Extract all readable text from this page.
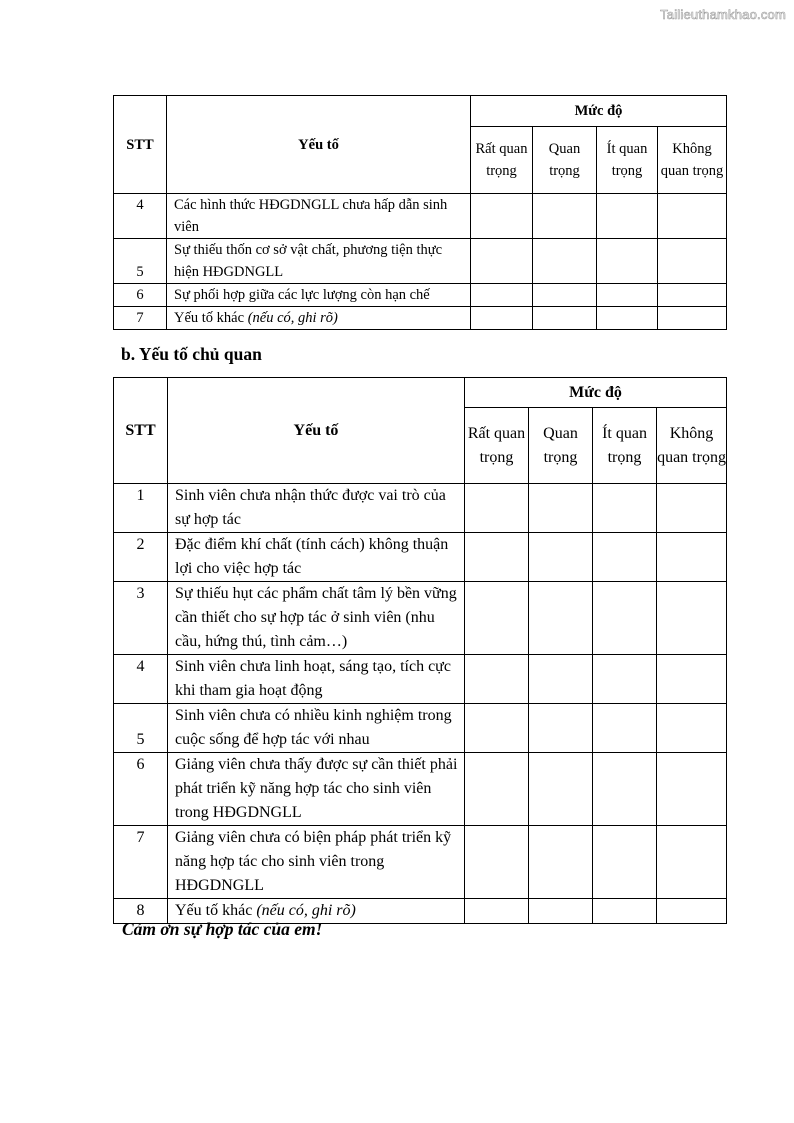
Tailieuthamkhao.com
STT	Yếu tố	Mức độ			
		Rất quan trọng	Quan trọng	Ít quan trọng	Không quan trọng
4	Các hình thức HĐGDNGLL chưa hấp dẫn sinh viên				
5	Sự thiếu thốn cơ sở vật chất, phương tiện thực hiện HĐGDNGLL				
6	Sự phối hợp giữa các lực lượng còn hạn chế				
7	Yếu tố khác (nếu có, ghi rõ)				
b. Yếu tố chủ quan
STT	Yếu tố	Mức độ			
		Rất quan trọng	Quan trọng	Ít quan trọng	Không quan trọng
1	Sinh viên chưa nhận thức được vai trò của sự hợp tác				
2	Đặc điểm khí chất (tính cách) không thuận lợi cho việc hợp tác				
3	Sự thiếu hụt các phẩm chất tâm lý bền vững cần thiết cho sự hợp tác ở sinh viên (nhu cầu, hứng thú, tình cảm…)				
4	Sinh viên chưa linh hoạt, sáng tạo, tích cực khi tham gia hoạt động				
5	Sinh viên chưa có nhiều kinh nghiệm trong cuộc sống để hợp tác với nhau				
6	Giảng viên chưa thấy được sự cần thiết phải phát triển kỹ năng hợp tác cho sinh viên trong HĐGDNGLL				
7	Giảng viên chưa có biện pháp phát triển kỹ năng hợp tác cho sinh viên trong HĐGDNGLL				
8	Yếu tố khác (nếu có, ghi rõ)				
Cảm ơn sự hợp tác của em!
